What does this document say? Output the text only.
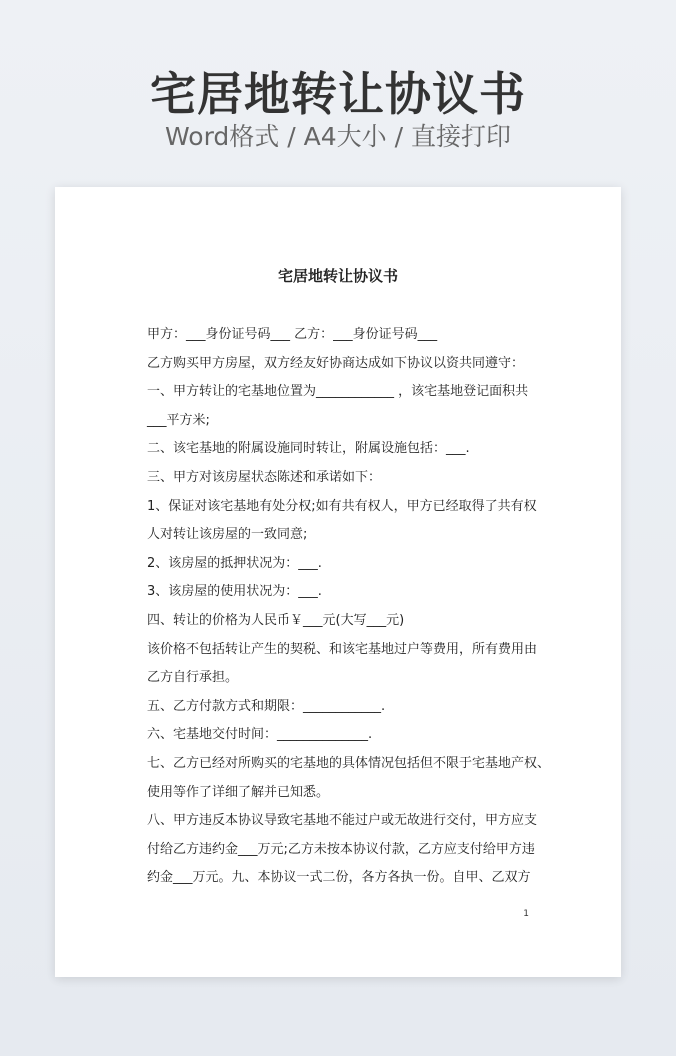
宅居地转让协议书
Word格式 / A4大小 / 直接打印
宅居地转让协议书
甲方：___身份证号码___ 乙方：___身份证号码___
乙方购买甲方房屋，双方经友好协商达成如下协议以资共同遵守：
一、甲方转让的宅基地位置为____________ ，该宅基地登记面积共
___平方米;
二、该宅基地的附属设施同时转让，附属设施包括：___.
三、甲方对该房屋状态陈述和承诺如下：
1、保证对该宅基地有处分权;如有共有权人，甲方已经取得了共有权
人对转让该房屋的一致同意;
2、该房屋的抵押状况为：___.
3、该房屋的使用状况为：___.
四、转让的价格为人民币￥___元(大写___元)
该价格不包括转让产生的契税、和该宅基地过户等费用，所有费用由
乙方自行承担。
五、乙方付款方式和期限：____________.
六、宅基地交付时间：______________.
七、乙方已经对所购买的宅基地的具体情况包括但不限于宅基地产权、
使用等作了详细了解并已知悉。
八、甲方违反本协议导致宅基地不能过户或无故进行交付，甲方应支
付给乙方违约金___万元;乙方未按本协议付款，乙方应支付给甲方违
约金___万元。九、本协议一式二份，各方各执一份。自甲、乙双方
1
